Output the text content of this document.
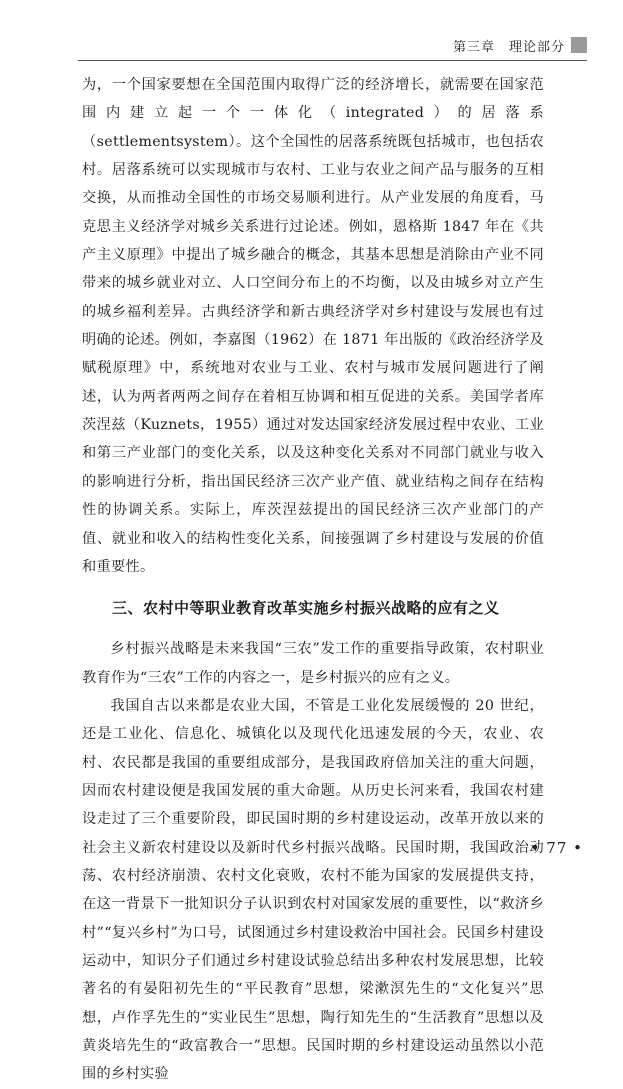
第三章　理论部分

为，一个国家要想在全国范围内取得广泛的经济增长，就需要在国家范围内建立起一个一体化（integrated）的居落系（settlementsystem）。这个全国性的居落系统既包括城市，也包括农村。居落系统可以实现城市与农村、工业与农业之间产品与服务的互相交换，从而推动全国性的市场交易顺利进行。从产业发展的角度看，马克思主义经济学对城乡关系进行过论述。例如，恩格斯 1847 年在《共产主义原理》中提出了城乡融合的概念，其基本思想是消除由产业不同带来的城乡就业对立、人口空间分布上的不均衡，以及由城乡对立产生的城乡福利差异。古典经济学和新古典经济学对乡村建设与发展也有过明确的论述。例如，李嘉图（1962）在 1871 年出版的《政治经济学及赋税原理》中，系统地对农业与工业、农村与城市发展问题进行了阐述，认为两者两两之间存在着相互协调和相互促进的关系。美国学者库茨涅兹（Kuznets，1955）通过对发达国家经济发展过程中农业、工业和第三产业部门的变化关系，以及这种变化关系对不同部门就业与收入的影响进行分析，指出国民经济三次产业产值、就业结构之间存在结构性的协调关系。实际上，库茨涅兹提出的国民经济三次产业部门的产值、就业和收入的结构性变化关系，间接强调了乡村建设与发展的价值和重要性。

三、农村中等职业教育改革实施乡村振兴战略的应有之义

乡村振兴战略是未来我国“三农”发工作的重要指导政策，农村职业教育作为“三农”工作的内容之一，是乡村振兴的应有之义。

我国自古以来都是农业大国，不管是工业化发展缓慢的 20 世纪，还是工业化、信息化、城镇化以及现代化迅速发展的今天，农业、农村、农民都是我国的重要组成部分，是我国政府倍加关注的重大问题，因而农村建设便是我国发展的重大命题。从历史长河来看，我国农村建设走过了三个重要阶段，即民国时期的乡村建设运动，改革开放以来的社会主义新农村建设以及新时代乡村振兴战略。民国时期，我国政治动荡、农村经济崩溃、农村文化衰败，农村不能为国家的发展提供支持，在这一背景下一批知识分子认识到农村对国家发展的重要性，以“救济乡村”“复兴乡村”为口号，试图通过乡村建设救治中国社会。民国乡村建设运动中，知识分子们通过乡村建设试验总结出多种农村发展思想，比较著名的有晏阳初先生的“平民教育”思想，梁漱溟先生的“文化复兴”思想，卢作孚先生的“实业民生”思想，陶行知先生的“生活教育”思想以及黄炎培先生的“政富教合一”思想。民国时期的乡村建设运动虽然以小范围的乡村实验

• 77 •
